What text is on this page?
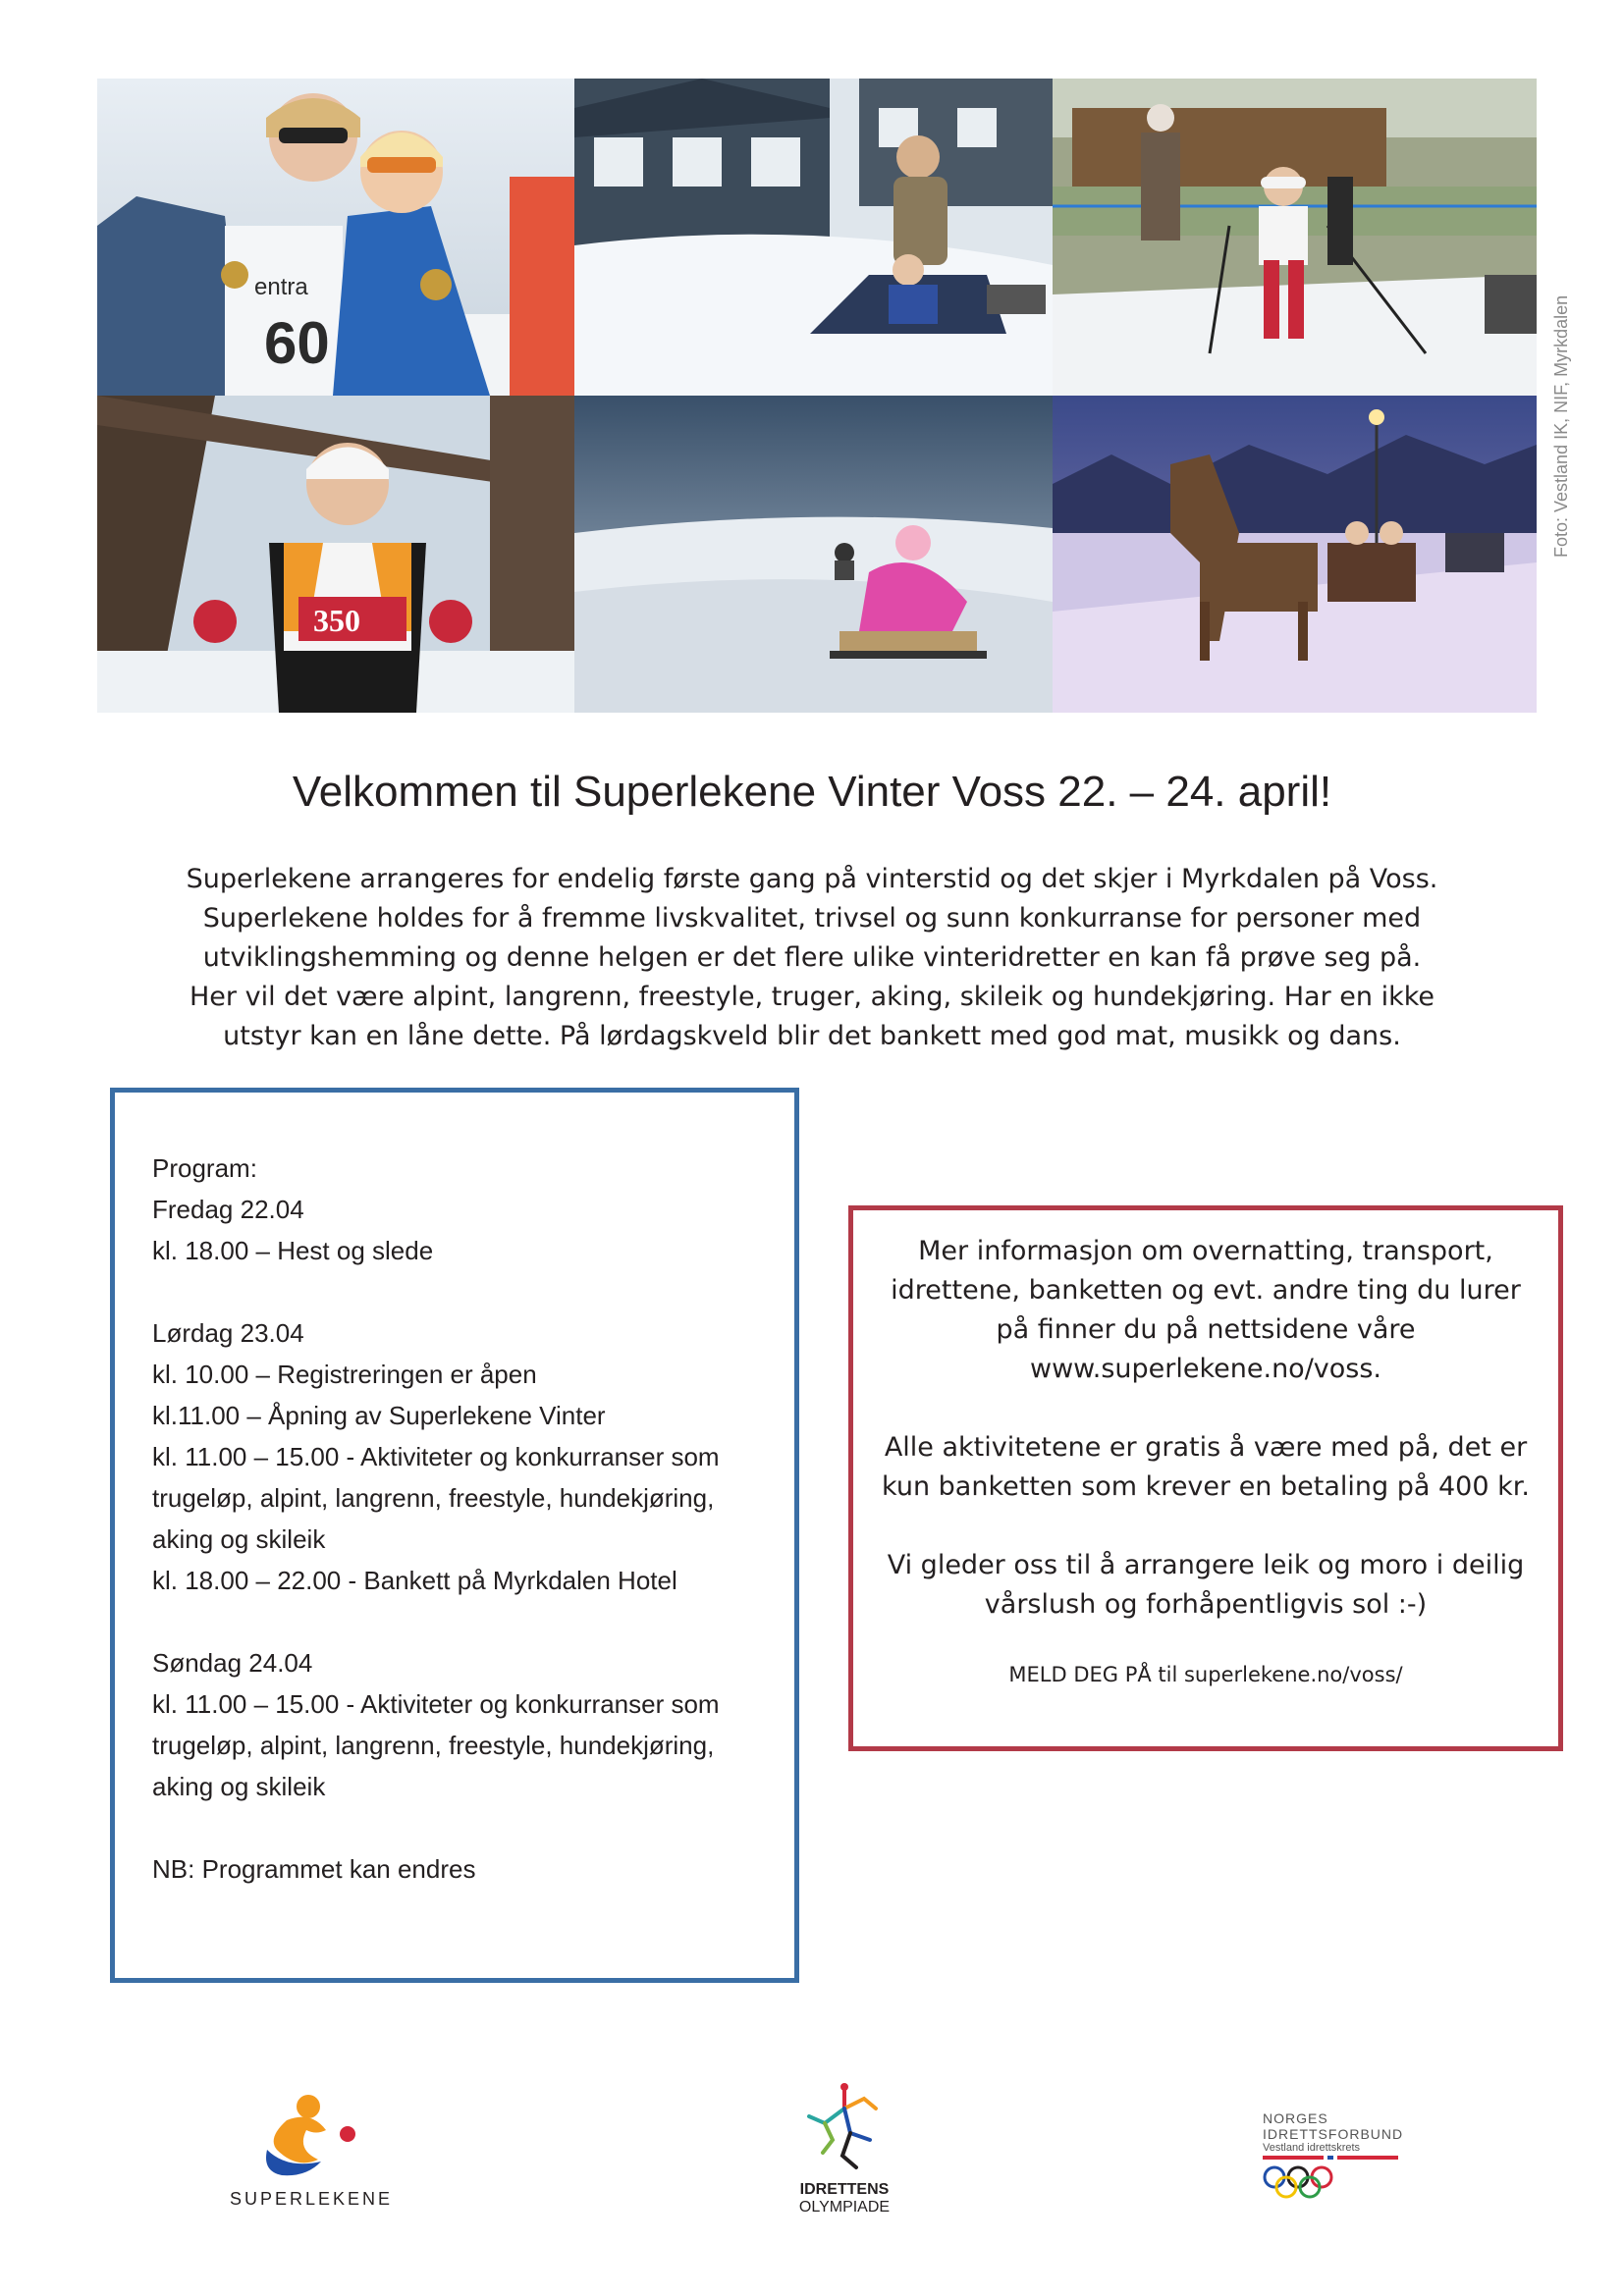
60
entra
350
Foto: Vestland IK, NIF, Myrkdalen
Velkommen til Superlekene Vinter Voss 22. – 24. april!

Superlekene arrangeres for endelig første gang på vinterstid og det skjer i Myrkdalen på Voss. Superlekene holdes for å fremme livskvalitet, trivsel og sunn konkurranse for personer med utviklingshemming og denne helgen er det flere ulike vinteridretter en kan få prøve seg på. Her vil det være alpint, langrenn, freestyle, truger, aking, skileik og hundekjøring. Har en ikke utstyr kan en låne dette. På lørdagskveld blir det bankett med god mat, musikk og dans.

Program:
Fredag 22.04
kl. 18.00 – Hest og slede
Lørdag 23.04
kl. 10.00 – Registreringen er åpen
kl.11.00 – Åpning av Superlekene Vinter
kl. 11.00 – 15.00 - Aktiviteter og konkurranser som trugeløp, alpint, langrenn, freestyle, hundekjøring, aking og skileik
kl. 18.00 – 22.00 - Bankett på Myrkdalen Hotel
Søndag 24.04
kl. 11.00 – 15.00 - Aktiviteter og konkurranser som trugeløp, alpint, langrenn, freestyle, hundekjøring, aking og skileik
NB: Programmet kan endres
Mer informasjon om overnatting, transport, idrettene, banketten og evt. andre ting du lurer på finner du på nettsidene våre www.superlekene.no/voss.
Alle aktivitetene er gratis å være med på, det er kun banketten som krever en betaling på 400 kr.
Vi gleder oss til å arrangere leik og moro i deilig vårslush og forhåpentligvis sol :-)
MELD DEG PÅ til superlekene.no/voss/
SUPERLEKENE	IDRETTENS
OLYMPIADE
NORGES
IDRETTSFORBUND
Vestland idrettskrets
